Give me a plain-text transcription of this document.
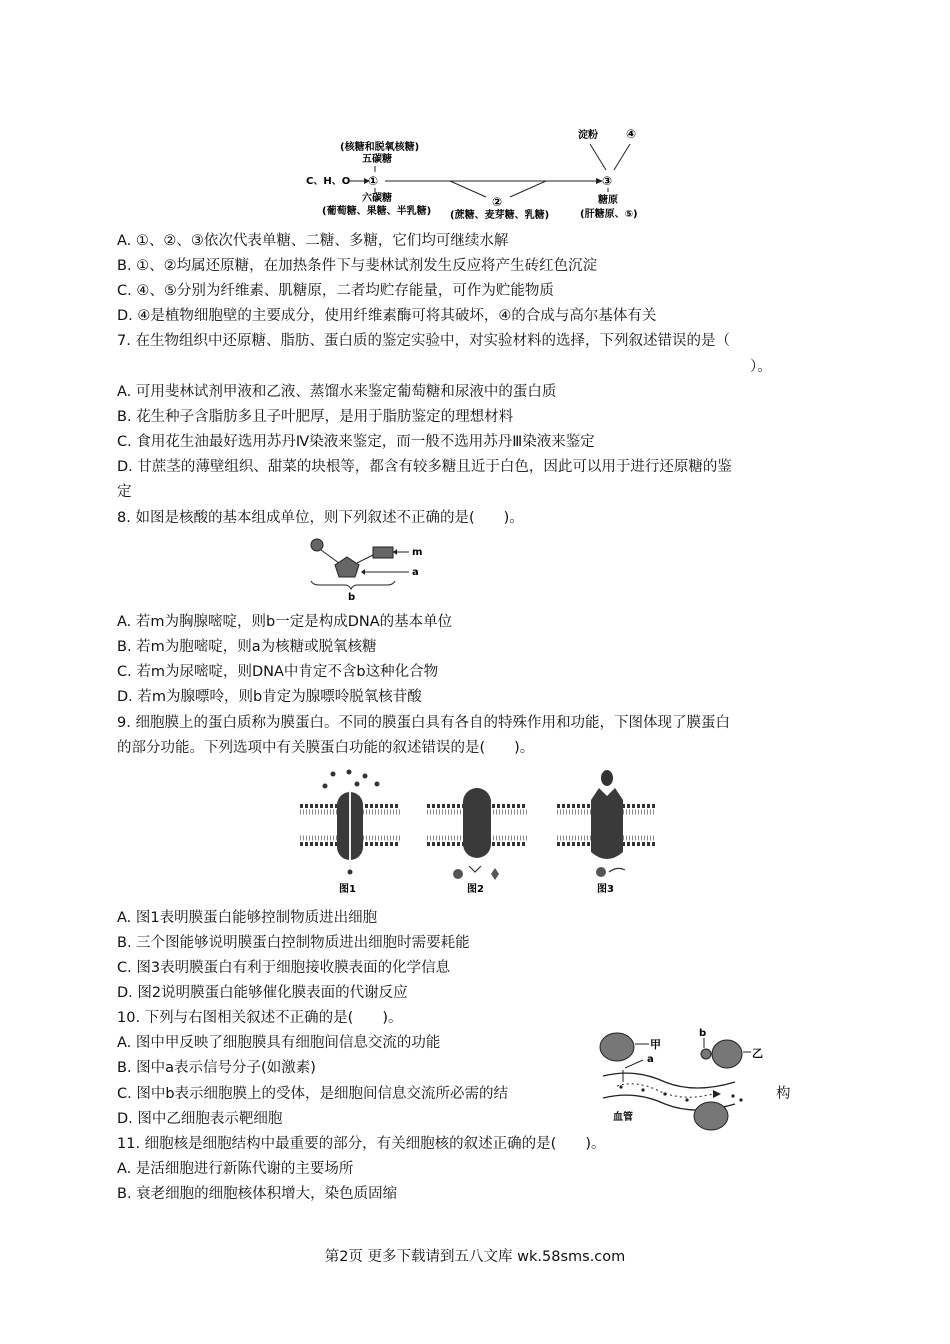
(核糖和脱氧核糖)
五碳糖
C、H、O ①
六碳糖
(葡萄糖、果糖、半乳糖)
②
(蔗糖、麦芽糖、乳糖)
③
淀粉 ④
糖原
(肝糖原、⑤)
A. ①、②、③依次代表单糖、二糖、多糖，它们均可继续水解
B. ①、②均属还原糖，在加热条件下与斐林试剂发生反应将产生砖红色沉淀
C. ④、⑤分别为纤维素、肌糖原，二者均贮存能量，可作为贮能物质
D. ④是植物细胞壁的主要成分，使用纤维素酶可将其破坏，④的合成与高尔基体有关
7. 在生物组织中还原糖、脂肪、蛋白质的鉴定实验中，对实验材料的选择，下列叙述错误的是（
）。
A. 可用斐林试剂甲液和乙液、蒸馏水来鉴定葡萄糖和尿液中的蛋白质
B. 花生种子含脂肪多且子叶肥厚，是用于脂肪鉴定的理想材料
C. 食用花生油最好选用苏丹Ⅳ染液来鉴定，而一般不选用苏丹Ⅲ染液来鉴定
D. 甘蔗茎的薄壁组织、甜菜的块根等，都含有较多糖且近于白色，因此可以用于进行还原糖的鉴
定
8. 如图是核酸的基本组成单位，则下列叙述不正确的是(　　)。
m
a
b
A. 若m为胸腺嘧啶，则b一定是构成DNA的基本单位
B. 若m为胞嘧啶，则a为核糖或脱氧核糖
C. 若m为尿嘧啶，则DNA中肯定不含b这种化合物
D. 若m为腺嘌呤，则b肯定为腺嘌呤脱氧核苷酸
9. 细胞膜上的蛋白质称为膜蛋白。不同的膜蛋白具有各自的特殊作用和功能，下图体现了膜蛋白
的部分功能。下列选项中有关膜蛋白功能的叙述错误的是(　　)。
图1	图2	图3
A. 图1表明膜蛋白能够控制物质进出细胞
B. 三个图能够说明膜蛋白控制物质进出细胞时需要耗能
C. 图3表明膜蛋白有利于细胞接收膜表面的化学信息
D. 图2说明膜蛋白能够催化膜表面的代谢反应
10. 下列与右图相关叙述不正确的是(　　)。
A. 图中甲反映了细胞膜具有细胞间信息交流的功能
B. 图中a表示信号分子(如激素)
C. 图中b表示细胞膜上的受体，是细胞间信息交流所必需的结	构
D. 图中乙细胞表示靶细胞
甲
a
b
乙
血管
11. 细胞核是细胞结构中最重要的部分，有关细胞核的叙述正确的是(　　)。
A. 是活细胞进行新陈代谢的主要场所
B. 衰老细胞的细胞核体积增大，染色质固缩
第2页 更多下载请到五八文库 wk.58sms.com
